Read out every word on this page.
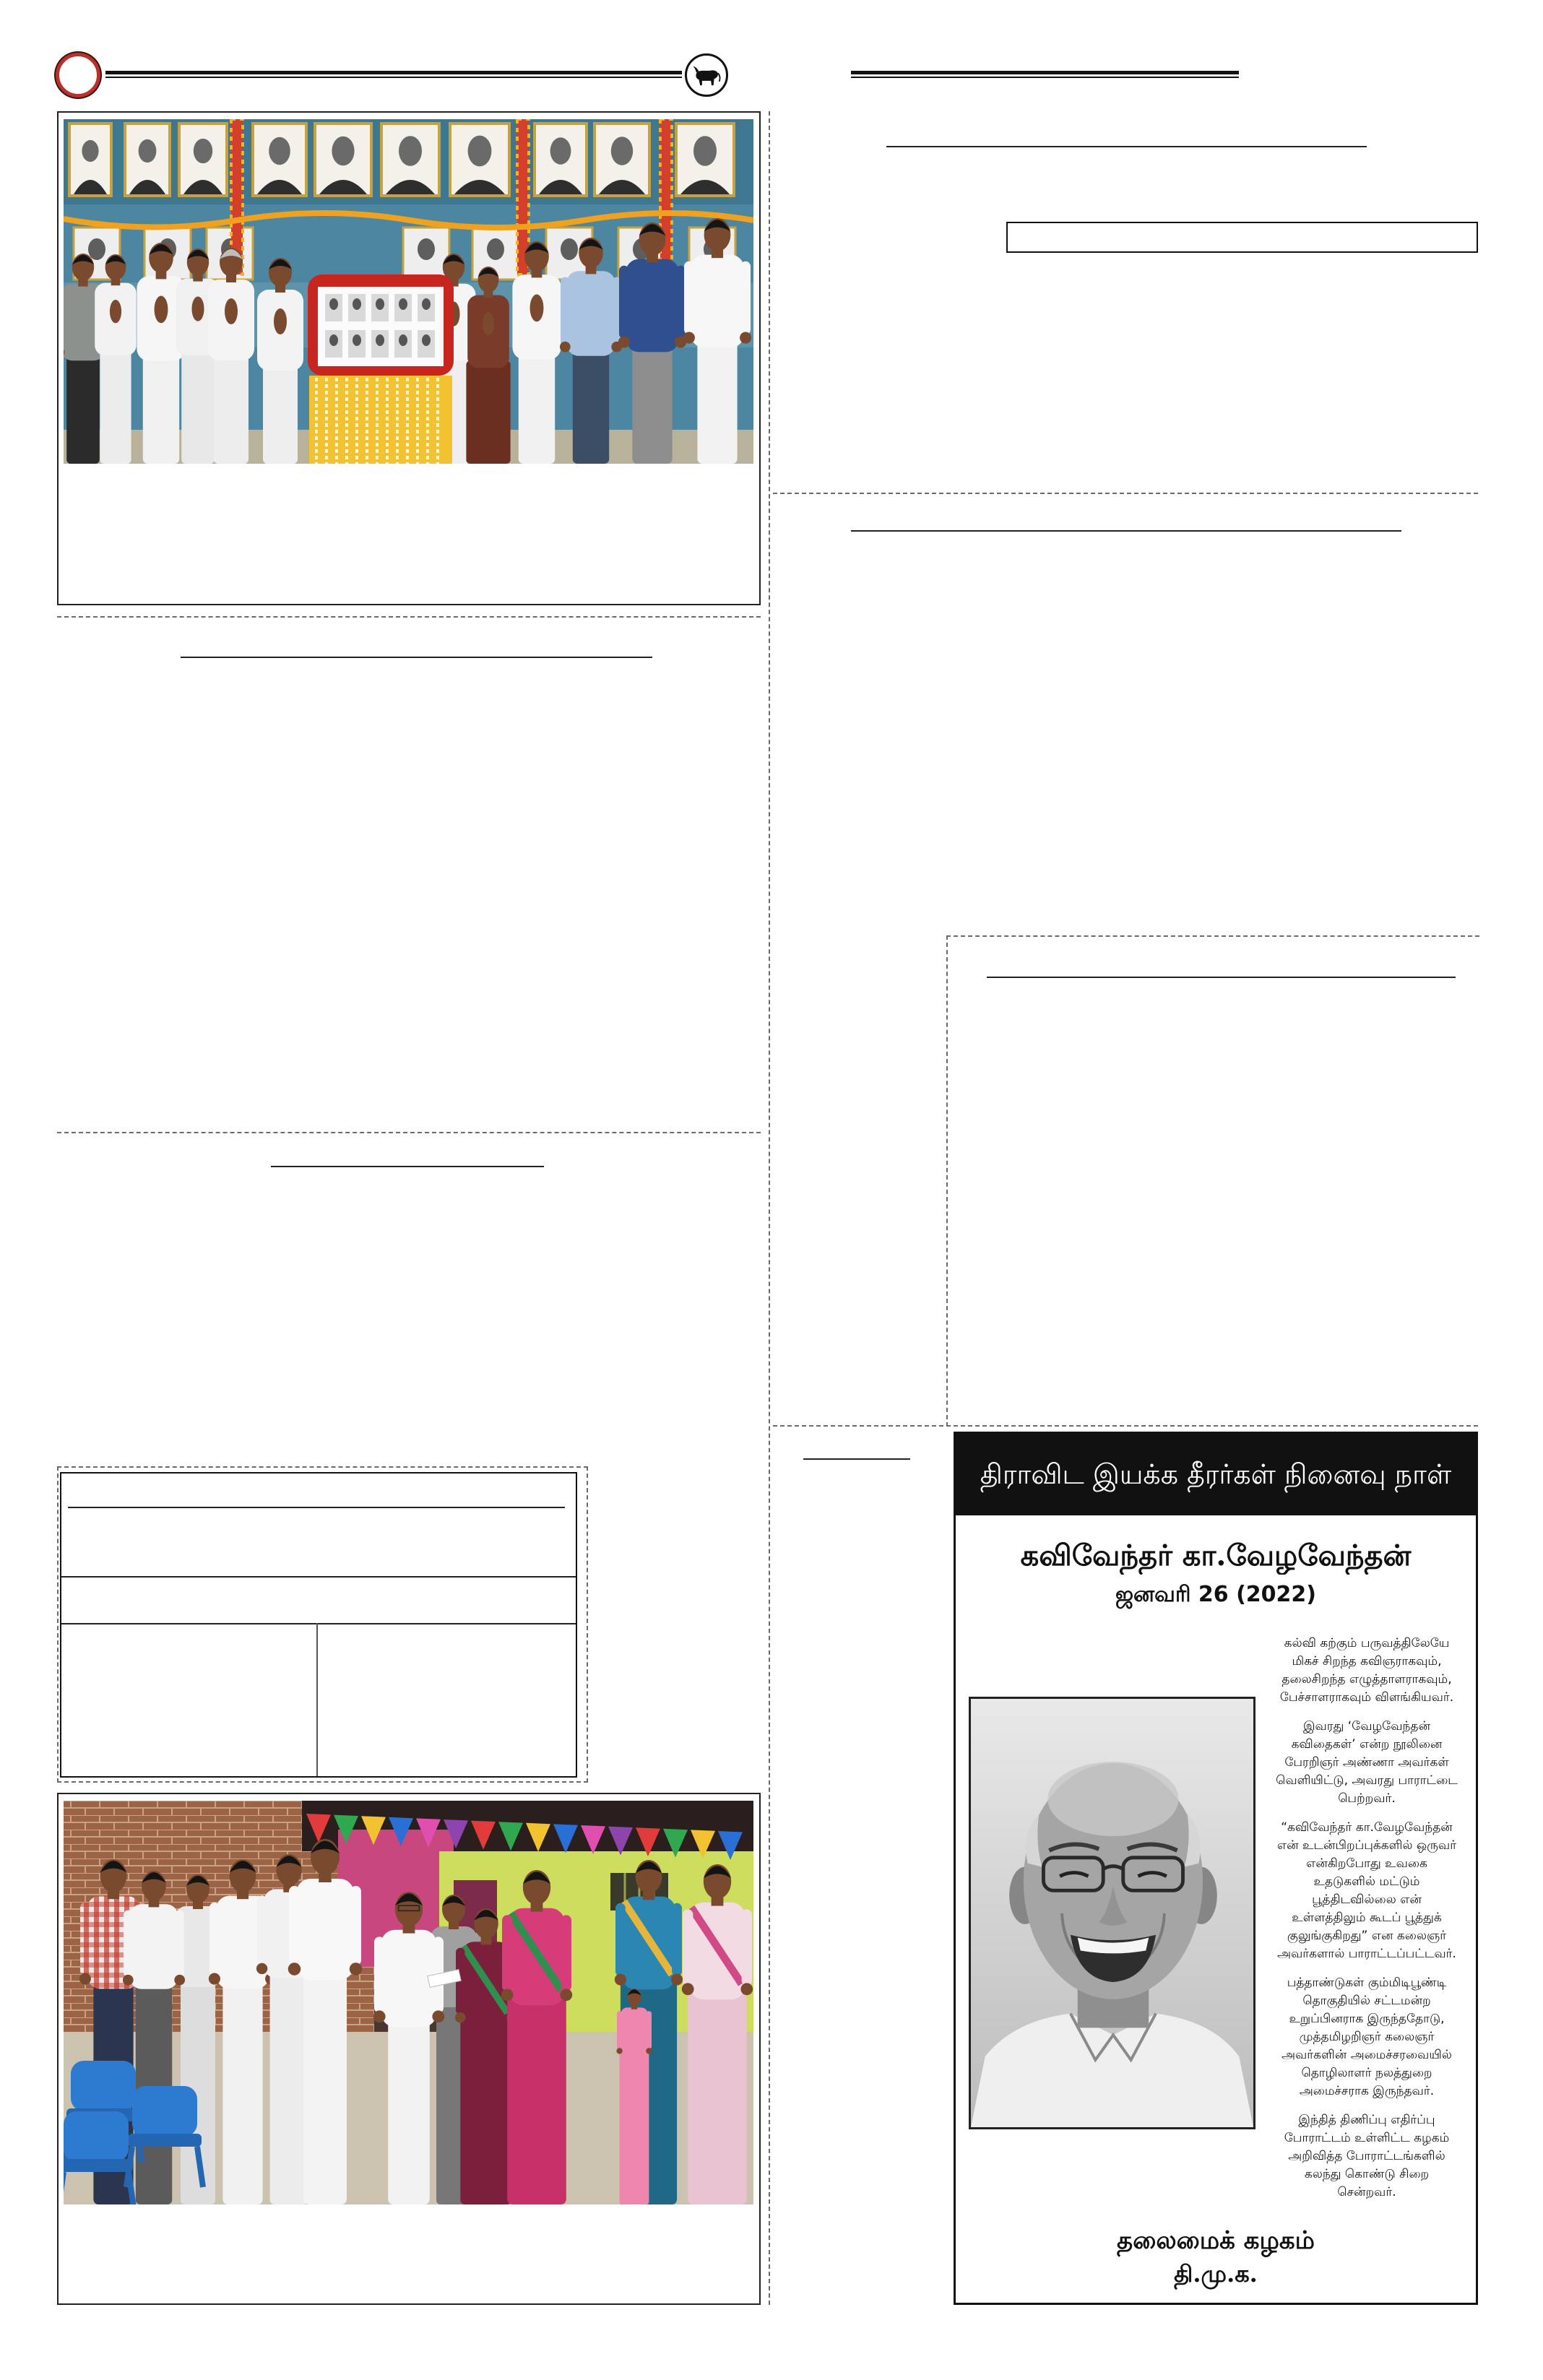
திராவிட இயக்க தீரர்கள் நினைவு நாள்
கவிவேந்தர் கா.வேழவேந்தன்
ஜனவரி 26 (2022)

கல்வி கற்கும் பருவத்திலேயே
மிகச் சிறந்த கவிஞராகவும்,
தலைசிறந்த எழுத்தாளராகவும்,
பேச்சாளராகவும் விளங்கியவர்.

இவரது ‘வேழவேந்தன்
கவிதைகள்’ என்ற நூலினை
பேரறிஞர் அண்ணா அவர்கள்
வெளியிட்டு, அவரது பாராட்டை
பெற்றவர்.

“கவிவேந்தர் கா.வேழவேந்தன்
என் உடன்பிறப்புக்களில் ஒருவர்
என்கிறபோது உவகை
உதடுகளில் மட்டும்
பூத்திடவில்லை என்
உள்ளத்திலும் கூடப் பூத்துக்
குலுங்குகிறது” என கலைஞர்
அவர்களால் பாராட்டப்பட்டவர்.

பத்தாண்டுகள் கும்மிடிபூண்டி
தொகுதியில் சட்டமன்ற
உறுப்பினராக இருந்ததோடு,
முத்தமிழறிஞர் கலைஞர்
அவர்களின் அமைச்சரவையில்
தொழிலாளர் நலத்துறை
அமைச்சராக இருந்தவர்.

இந்தித் திணிப்பு எதிர்ப்பு
போராட்டம் உள்ளிட்ட கழகம்
அறிவித்த போராட்டங்களில்
கலந்து கொண்டு சிறை
சென்றவர்.

தலைமைக் கழகம்
தி.மு.க.
